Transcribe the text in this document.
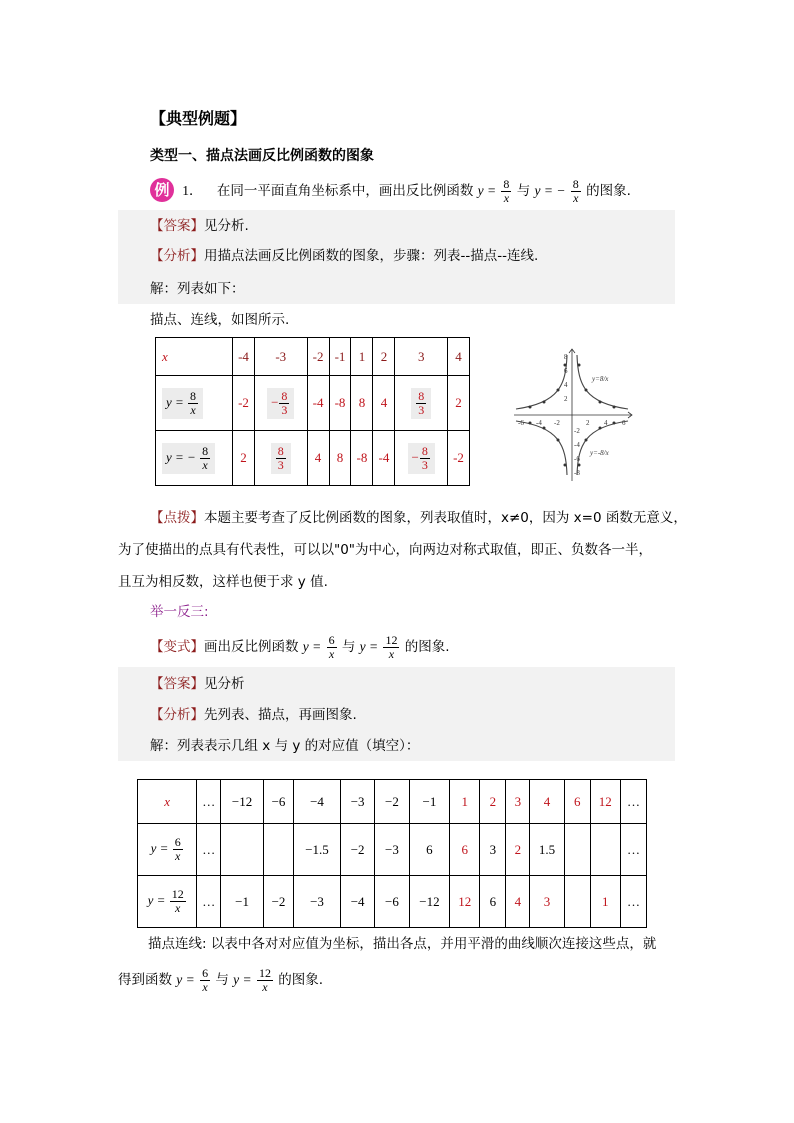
【典型例题】
类型一、描点法画反比例函数的图象
例 1． 在同一平面直角坐标系中，画出反比例函数 $y = \frac{8}{x}$ 与 y = − $\frac{8}{x}$ 的图象.
【答案】见分析.
【分析】用描点法画反比例函数的图象，步骤：列表--描点--连线.
解：列表如下：
描点、连线，如图所示.
x	-4	-3	-2	-1	1	2	3	4
$y = \frac{8}{x}$	-2	− $\frac{8}{3}$	-4	-8	8	4	$\frac{8}{3}$	2
y = − $\frac{8}{x}$	2	$\frac{8}{3}$	4	8	-8	-4	− $\frac{8}{3}$	-2
-6 -4 -2	2 4 6
8
6
4
2
-2
-4
-6
-8
y=8/x
y=-8/x
【点拨】本题主要考查了反比例函数的图象，列表取值时，x≠0，因为 x=0 函数无意义，
为了使描出的点具有代表性，可以以"0"为中心，向两边对称式取值，即正、负数各一半，
且互为相反数，这样也便于求 y 值.
举一反三:
【变式】画出反比例函数 $y = \frac{6}{x}$ 与 $y = \frac{12}{x}$ 的图象.
【答案】见分析
【分析】先列表、描点，再画图象.
解：列表表示几组 x 与 y 的对应值（填空）：
x	…	−12	−6	−4	−3	−2	−1	1	2	3	4	6	12	…
$y = \frac{6}{x}$	…			−1.5	−2	−3	6	6	3	2	1.5			…
$y = \frac{12}{x}$	…	−1	−2	−3	−4	−6	−12	12	6	4	3		1	…
描点连线: 以表中各对对应值为坐标，描出各点，并用平滑的曲线顺次连接这些点，就
得到函数 $y = \frac{6}{x}$ 与 $y = \frac{12}{x}$ 的图象.
